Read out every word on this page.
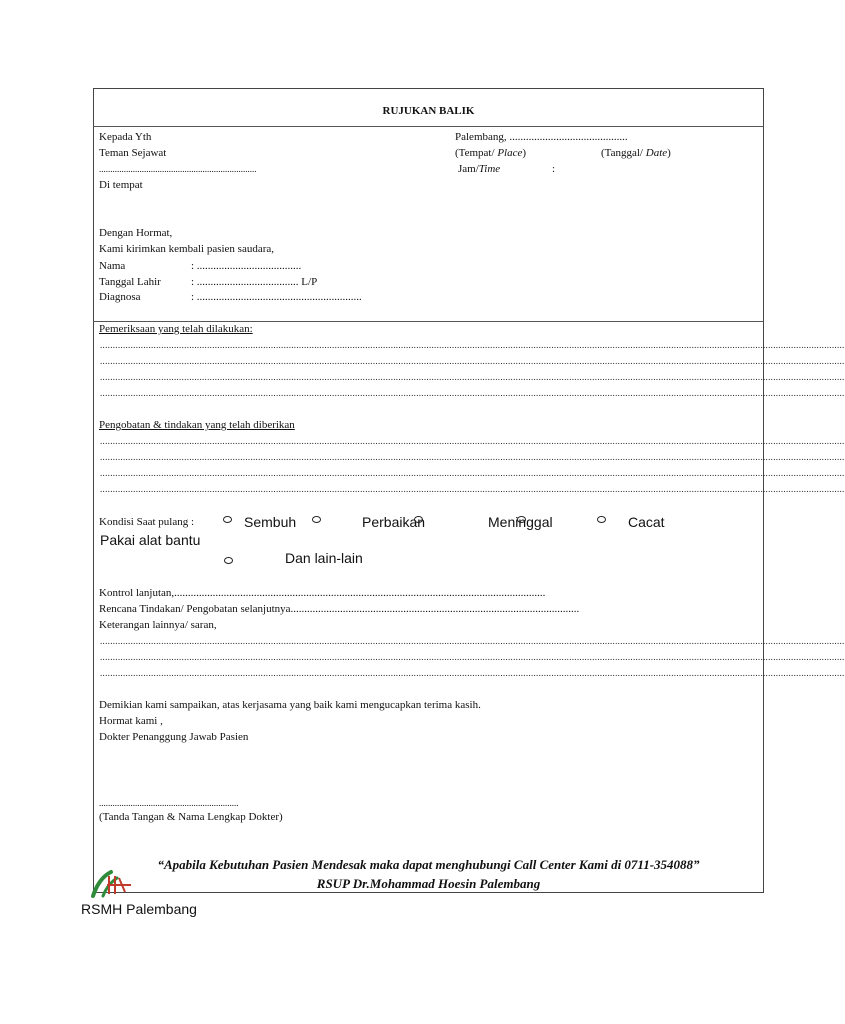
RUJUKAN BALIK
Kepada Yth
Teman Sejawat
......................................................................
Di tempat
Palembang, ...........................................
(Tempat/ Place)	(Tanggal/ Date)
Jam/Time	:
Dengan Hormat,
Kami kirimkan kembali pasien saudara,
Nama	: ......................................
Tanggal Lahir	: ..................................... L/P
Diagnosa	: ............................................................
Pemeriksaan yang telah dilakukan:
....................................................................................................................................................................................................................................................................................................
....................................................................................................................................................................................................................................................................................................
....................................................................................................................................................................................................................................................................................................
....................................................................................................................................................................................................................................................................................................
Pengobatan & tindakan yang telah diberikan
....................................................................................................................................................................................................................................................................................................
....................................................................................................................................................................................................................................................................................................
....................................................................................................................................................................................................................................................................................................
....................................................................................................................................................................................................................................................................................................
Kondisi Saat pulang :	Sembuh	Perbaikan	Meninggal	Cacat
Pakai alat bantu
Dan lain-lain
Kontrol lanjutan,.......................................................................................................................................
Rencana Tindakan/ Pengobatan selanjutnya.........................................................................................................
Keterangan lainnya/ saran,
....................................................................................................................................................................................................................................................................................................
....................................................................................................................................................................................................................................................................................................
....................................................................................................................................................................................................................................................................................................
Demikian kami sampaikan, atas kerjasama yang baik kami mengucapkan terima kasih.
Hormat kami ,
Dokter Penanggung Jawab Pasien
..............................................................
(Tanda Tangan & Nama Lengkap Dokter)
“Apabila Kebutuhan Pasien Mendesak maka dapat menghubungi Call Center Kami di 0711-354088”
RSUP Dr.Mohammad Hoesin Palembang
RSMH Palembang
